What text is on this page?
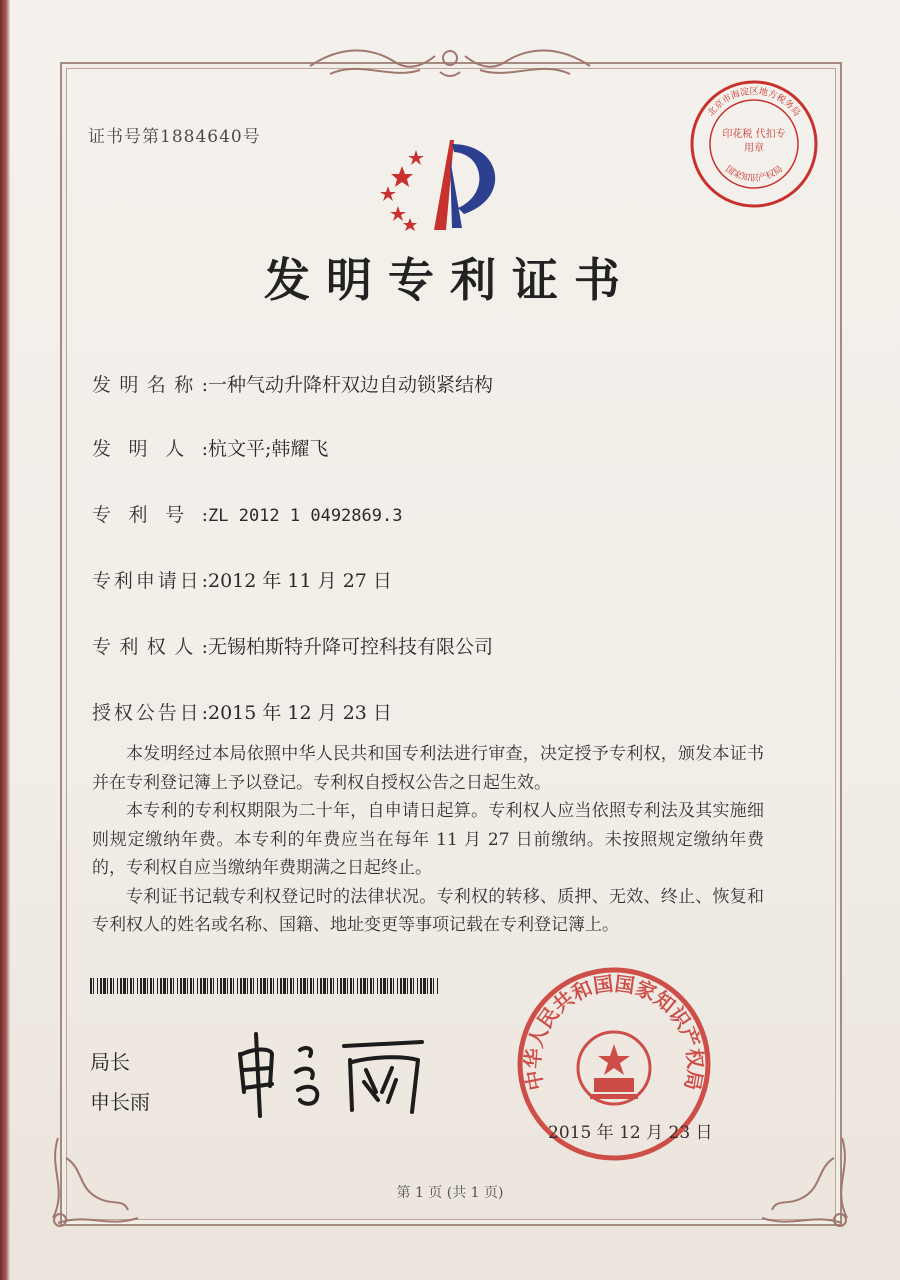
证书号第1884640号
北京市海淀区地方税务局
国家知识产权局
印花税 代扣专用章
发明专利证书
发明名称:一种气动升降杆双边自动锁紧结构
发明人:杭文平;韩耀飞
专利号:ZL 2012 1 0492869.3
专利申请日:2012 年 11 月 27 日
专利权人:无锡柏斯特升降可控科技有限公司
授权公告日:2015 年 12 月 23 日

本发明经过本局依照中华人民共和国专利法进行审查，决定授予专利权，颁发本证书并在专利登记簿上予以登记。专利权自授权公告之日起生效。

本专利的专利权期限为二十年，自申请日起算。专利权人应当依照专利法及其实施细则规定缴纳年费。本专利的年费应当在每年 11 月 27 日前缴纳。未按照规定缴纳年费的，专利权自应当缴纳年费期满之日起终止。

专利证书记载专利权登记时的法律状况。专利权的转移、质押、无效、终止、恢复和专利权人的姓名或名称、国籍、地址变更等事项记载在专利登记簿上。

局长
申长雨
中华人民共和国国家知识产权局
2015 年 12 月 23 日
第 1 页 (共 1 页)
